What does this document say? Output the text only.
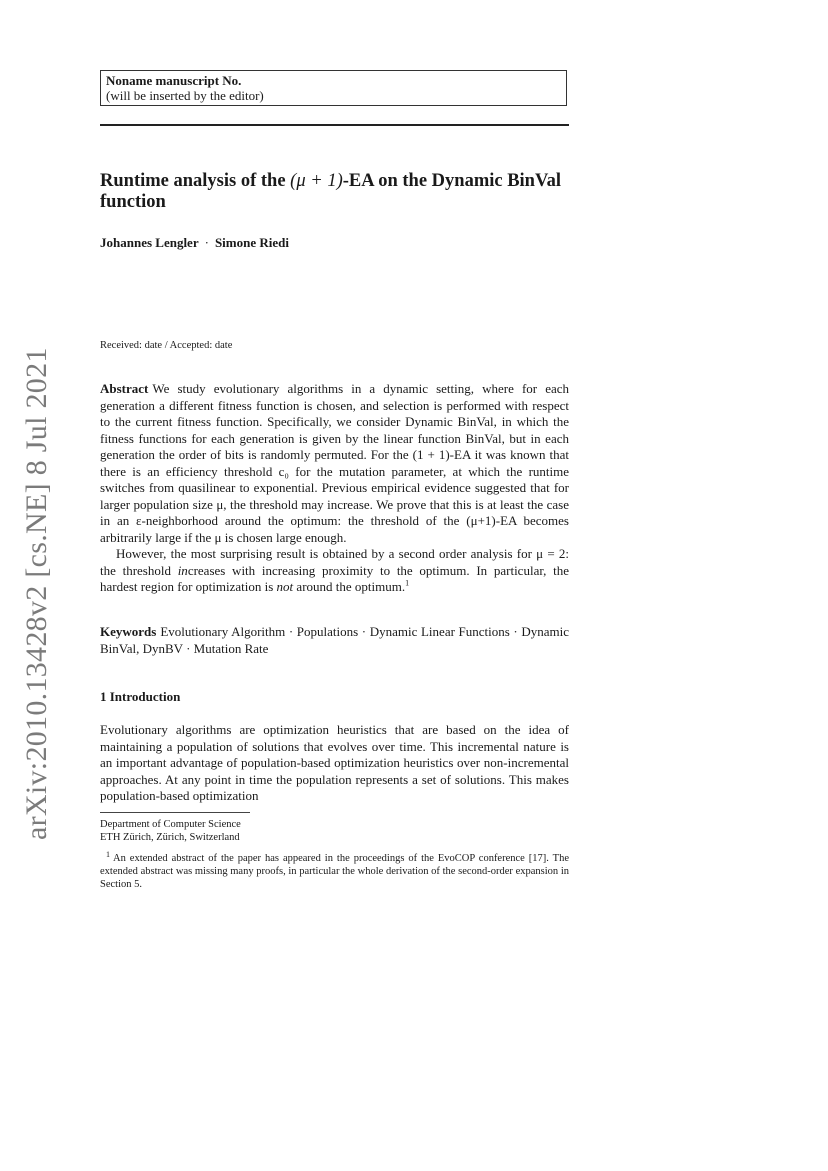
arXiv:2010.13428v2 [cs.NE] 8 Jul 2021
Noname manuscript No.
(will be inserted by the editor)
Runtime analysis of the (μ + 1)-EA on the Dynamic BinVal function
Johannes Lengler · Simone Riedi
Received: date / Accepted: date

Abstract We study evolutionary algorithms in a dynamic setting, where for each generation a different fitness function is chosen, and selection is performed with respect to the current fitness function. Specifically, we consider Dynamic BinVal, in which the fitness functions for each generation is given by the linear function BinVal, but in each generation the order of bits is randomly permuted. For the (1 + 1)-EA it was known that there is an efficiency threshold c₀ for the mutation parameter, at which the runtime switches from quasilinear to exponential. Previous empirical evidence suggested that for larger population size μ, the threshold may increase. We prove that this is at least the case in an ε-neighborhood around the optimum: the threshold of the (μ+1)-EA becomes arbitrarily large if the μ is chosen large enough.

However, the most surprising result is obtained by a second order analysis for μ = 2: the threshold increases with increasing proximity to the optimum. In particular, the hardest region for optimization is not around the optimum.$^1$

Keywords Evolutionary Algorithm · Populations · Dynamic Linear Functions · Dynamic BinVal, DynBV · Mutation Rate
1 Introduction
Evolutionary algorithms are optimization heuristics that are based on the idea of maintaining a population of solutions that evolves over time. This incremental nature is an important advantage of population-based optimization heuristics over non-incremental approaches. At any point in time the population represents a set of solutions. This makes population-based optimization
Department of Computer Science
ETH Zürich, Zürich, Switzerland
$^1$ An extended abstract of the paper has appeared in the proceedings of the EvoCOP conference [17]. The extended abstract was missing many proofs, in particular the whole derivation of the second-order expansion in Section 5.
